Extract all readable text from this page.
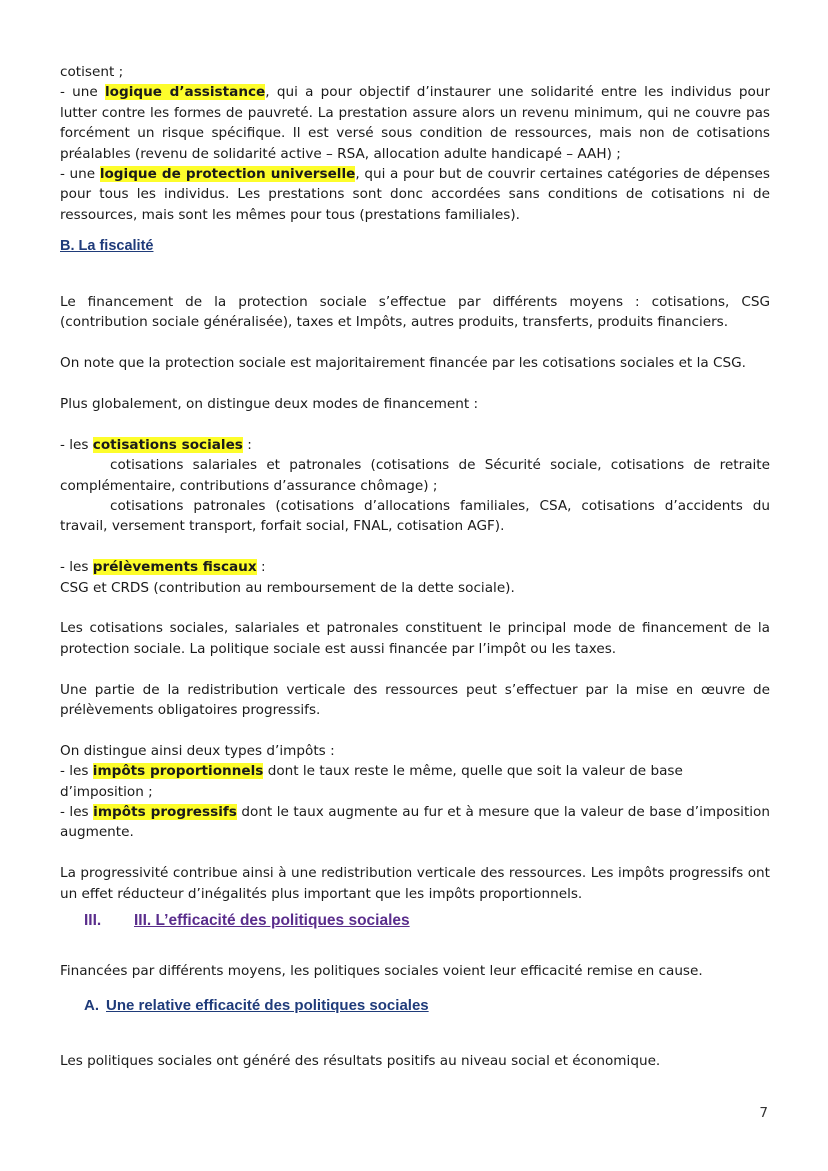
cotisent ;

- une logique d’assistance, qui a pour objectif d’instaurer une solidarité entre les individus pour lutter contre les formes de pauvreté. La prestation assure alors un revenu minimum, qui ne couvre pas forcément un risque spécifique. Il est versé sous condition de ressources, mais non de cotisations préalables (revenu de solidarité active – RSA, allocation adulte handicapé – AAH) ;

- une logique de protection universelle, qui a pour but de couvrir certaines catégories de dépenses pour tous les individus. Les prestations sont donc accordées sans conditions de cotisations ni de ressources, mais sont les mêmes pour tous (prestations familiales).

B. La fiscalité

Le financement de la protection sociale s’effectue par différents moyens : cotisations, CSG (contribution sociale généralisée), taxes et Impôts, autres produits, transferts, produits financiers.

On note que la protection sociale est majoritairement financée par les cotisations sociales et la CSG.

Plus globalement, on distingue deux modes de financement :

- les cotisations sociales :

cotisations salariales et patronales (cotisations de Sécurité sociale, cotisations de retraite complémentaire, contributions d’assurance chômage) ;

cotisations patronales (cotisations d’allocations familiales, CSA, cotisations d’accidents du travail, versement transport, forfait social, FNAL, cotisation AGF).

- les prélèvements fiscaux :

CSG et CRDS (contribution au remboursement de la dette sociale).

Les cotisations sociales, salariales et patronales constituent le principal mode de financement de la protection sociale. La politique sociale est aussi financée par l’impôt ou les taxes.

Une partie de la redistribution verticale des ressources peut s’effectuer par la mise en œuvre de prélèvements obligatoires progressifs.

On distingue ainsi deux types d’impôts :

- les impôts proportionnels dont le taux reste le même, quelle que soit la valeur de base d’imposition ;

- les impôts progressifs dont le taux augmente au fur et à mesure que la valeur de base d’imposition augmente.

La progressivité contribue ainsi à une redistribution verticale des ressources. Les impôts progressifs ont un effet réducteur d’inégalités plus important que les impôts proportionnels.

III. III. L’efficacité des politiques sociales

Financées par différents moyens, les politiques sociales voient leur efficacité remise en cause.

A. Une relative efficacité des politiques sociales

Les politiques sociales ont généré des résultats positifs au niveau social et économique.

7
